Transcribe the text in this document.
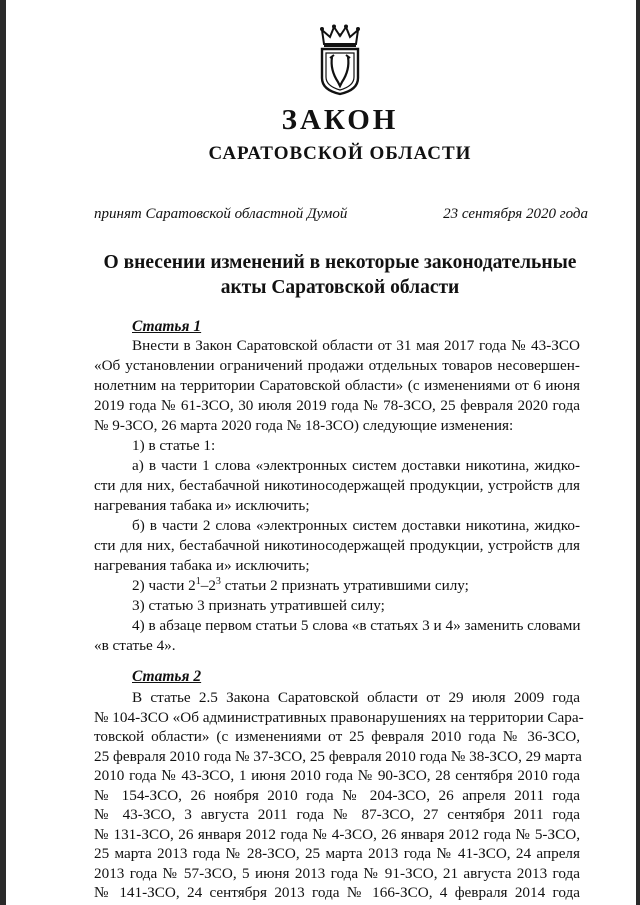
ЗАКОН
САРАТОВСКОЙ ОБЛАСТИ
принят Саратовской областной Думой	23 сентября 2020 года
О внесении изменений в некоторые законодательные
акты Саратовской области
Статья 1
Внести в Закон Саратовской области от 31 мая 2017 года № 43-ЗСО
«Об установлении ограничений продажи отдельных товаров несовершен-
нолетним на территории Саратовской области» (с изменениями от 6 июня
2019 года № 61-ЗСО, 30 июля 2019 года № 78-ЗСО, 25 февраля 2020 года
№ 9-ЗСО, 26 марта 2020 года № 18-ЗСО) следующие изменения:
1) в статье 1:
а) в части 1 слова «электронных систем доставки никотина, жидко-
сти для них, бестабачной никотиносодержащей продукции, устройств для
нагревания табака и» исключить;
б) в части 2 слова «электронных систем доставки никотина, жидко-
сти для них, бестабачной никотиносодержащей продукции, устройств для
нагревания табака и» исключить;
2) части $2^1-2^3$ статьи 2 признать утратившими силу;
3) статью 3 признать утратившей силу;
4) в абзаце первом статьи 5 слова «в статьях 3 и 4» заменить словами
«в статье 4».
Статья 2
В статье 2.5 Закона Саратовской области от 29 июля 2009 года
№ 104-ЗСО «Об административных правонарушениях на территории Сара-
товской области» (с изменениями от 25 февраля 2010 года № 36-ЗСО,
25 февраля 2010 года № 37-ЗСО, 25 февраля 2010 года № 38-ЗСО, 29 марта
2010 года № 43-ЗСО, 1 июня 2010 года № 90-ЗСО, 28 сентября 2010 года
№ 154-ЗСО, 26 ноября 2010 года № 204-ЗСО, 26 апреля 2011 года
№ 43-ЗСО, 3 августа 2011 года № 87-ЗСО, 27 сентября 2011 года
№ 131-ЗСО, 26 января 2012 года № 4-ЗСО, 26 января 2012 года № 5-ЗСО,
25 марта 2013 года № 28-ЗСО, 25 марта 2013 года № 41-ЗСО, 24 апреля
2013 года № 57-ЗСО, 5 июня 2013 года № 91-ЗСО, 21 августа 2013 года
№ 141-ЗСО, 24 сентября 2013 года № 166-ЗСО, 4 февраля 2014 года
